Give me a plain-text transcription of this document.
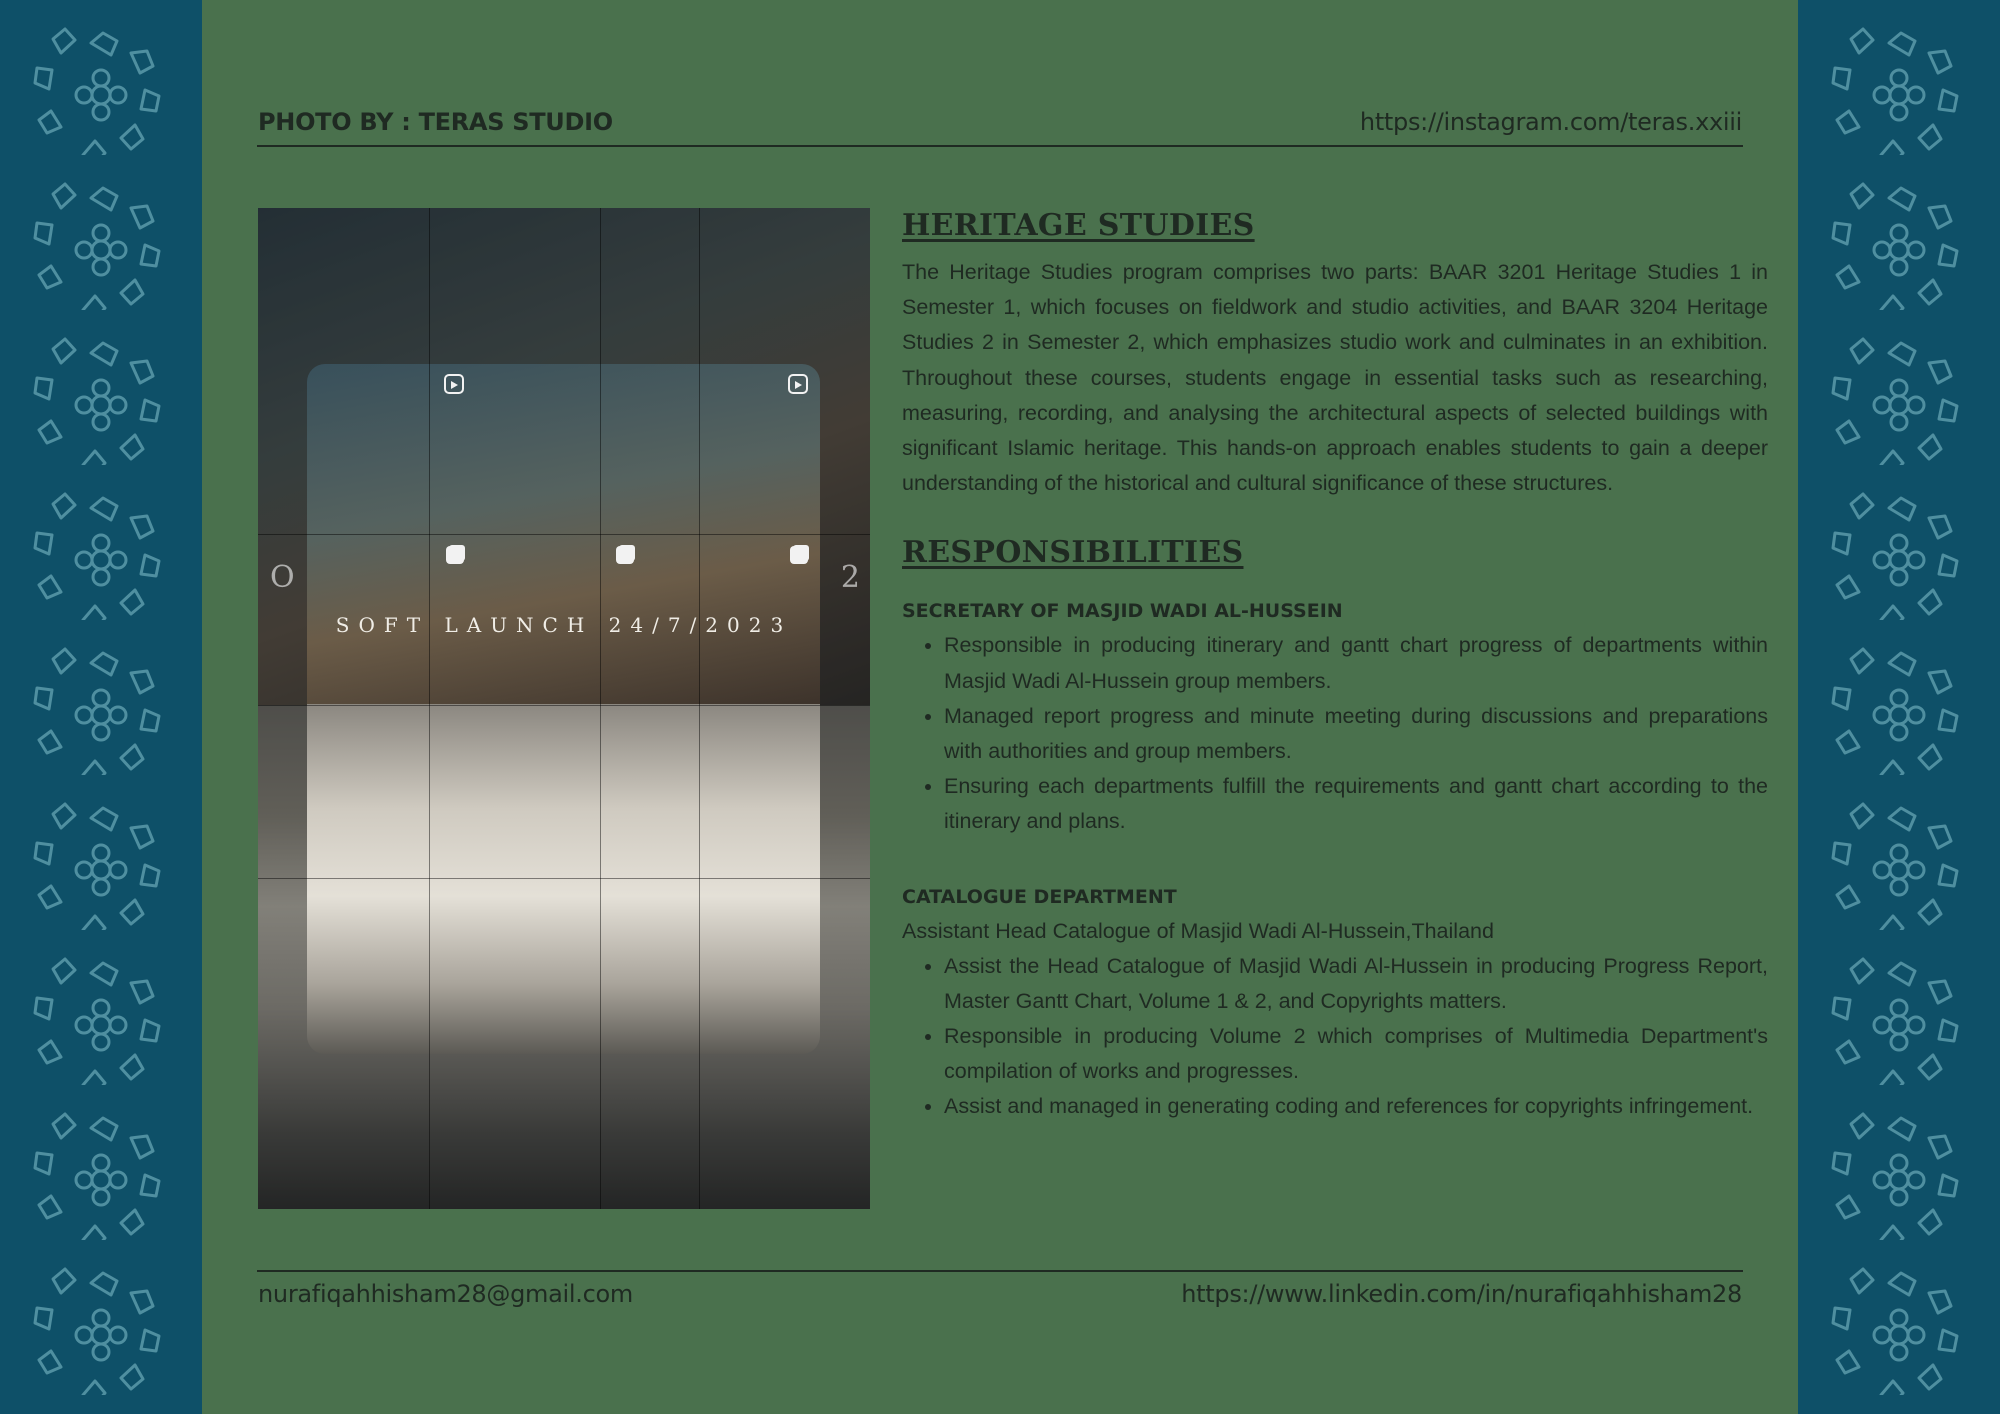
PHOTO BY : TERAS STUDIO	https://instagram.com/teras.xxiii
O	2
SOFT LAUNCH 24/7/2023
HERITAGE STUDIES

The Heritage Studies program comprises two parts: BAAR 3201 Heritage Studies 1 in Semester 1, which focuses on fieldwork and studio activities, and BAAR 3204 Heritage Studies 2 in Semester 2, which emphasizes studio work and culminates in an exhibition. Throughout these courses, students engage in essential tasks such as researching, measuring, recording, and analysing the architectural aspects of selected buildings with significant Islamic heritage. This hands-on approach enables students to gain a deeper understanding of the historical and cultural significance of these structures.

RESPONSIBILITIES

SECRETARY OF MASJID WADI AL-HUSSEIN

• Responsible in producing itinerary and gantt chart progress of departments within Masjid Wadi Al-Hussein group members.
• Managed report progress and minute meeting during discussions and preparations with authorities and group members.
• Ensuring each departments fulfill the requirements and gantt chart according to the itinerary and plans.

CATALOGUE DEPARTMENT

Assistant Head Catalogue of Masjid Wadi Al-Hussein,Thailand

• Assist the Head Catalogue of Masjid Wadi Al-Hussein in producing Progress Report, Master Gantt Chart, Volume 1 & 2, and Copyrights matters.
• Responsible in producing Volume 2 which comprises of Multimedia Department's compilation of works and progresses.
• Assist and managed in generating coding and references for copyrights infringement.
nurafiqahhisham28@gmail.com	https://www.linkedin.com/in/nurafiqahhisham28
